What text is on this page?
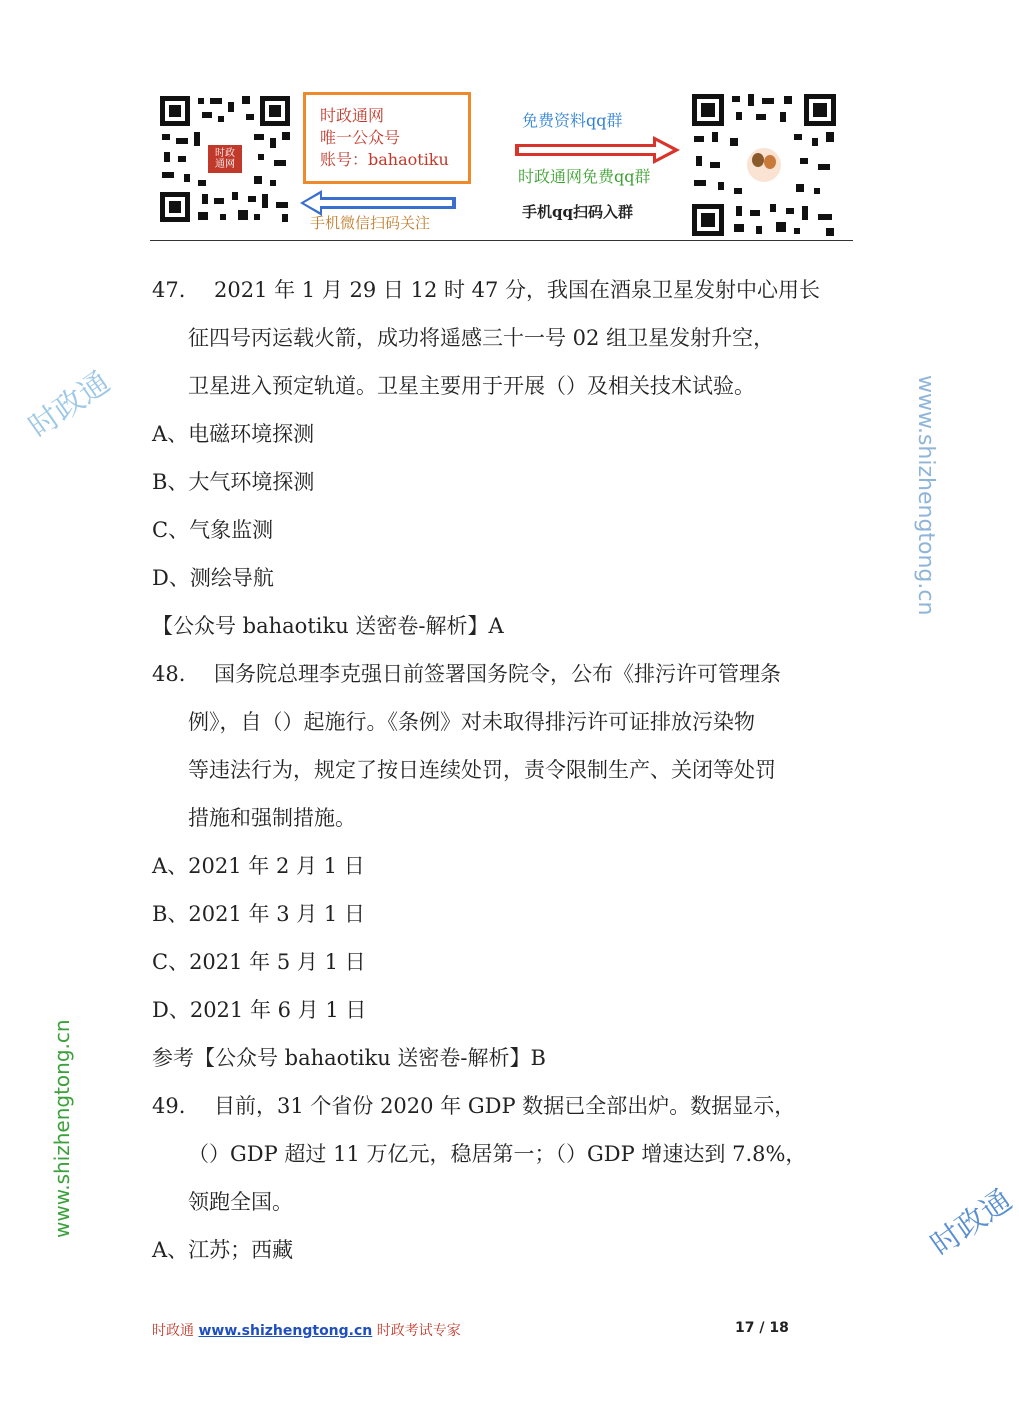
时政通网
时政通网
唯一公众号
账号：bahaotiku
手机微信扫码关注
免费资料qq群
时政通网免费qq群
手机qq扫码入群
时政通	www.shizhengtong.cn
www.shizhengtong.cn	时政通
47. 2021 年 1 月 29 日 12 时 47 分，我国在酒泉卫星发射中心用长
征四号丙运载火箭，成功将遥感三十一号 02 组卫星发射升空，
卫星进入预定轨道。卫星主要用于开展（）及相关技术试验。
A、电磁环境探测
B、大气环境探测
C、气象监测
D、测绘导航
【公众号 bahaotiku 送密卷-解析】A
48. 国务院总理李克强日前签署国务院令，公布《排污许可管理条
例》，自（）起施行。《条例》对未取得排污许可证排放污染物
等违法行为，规定了按日连续处罚，责令限制生产、关闭等处罚
措施和强制措施。
A、2021 年 2 月 1 日
B、2021 年 3 月 1 日
C、2021 年 5 月 1 日
D、2021 年 6 月 1 日
参考【公众号 bahaotiku 送密卷-解析】B
49. 目前，31 个省份 2020 年 GDP 数据已全部出炉。数据显示，
（）GDP 超过 11 万亿元，稳居第一；（）GDP 增速达到 7.8%，
领跑全国。
A、江苏；西藏
时政通 www.shizhengtong.cn 时政考试专家	17 / 18
